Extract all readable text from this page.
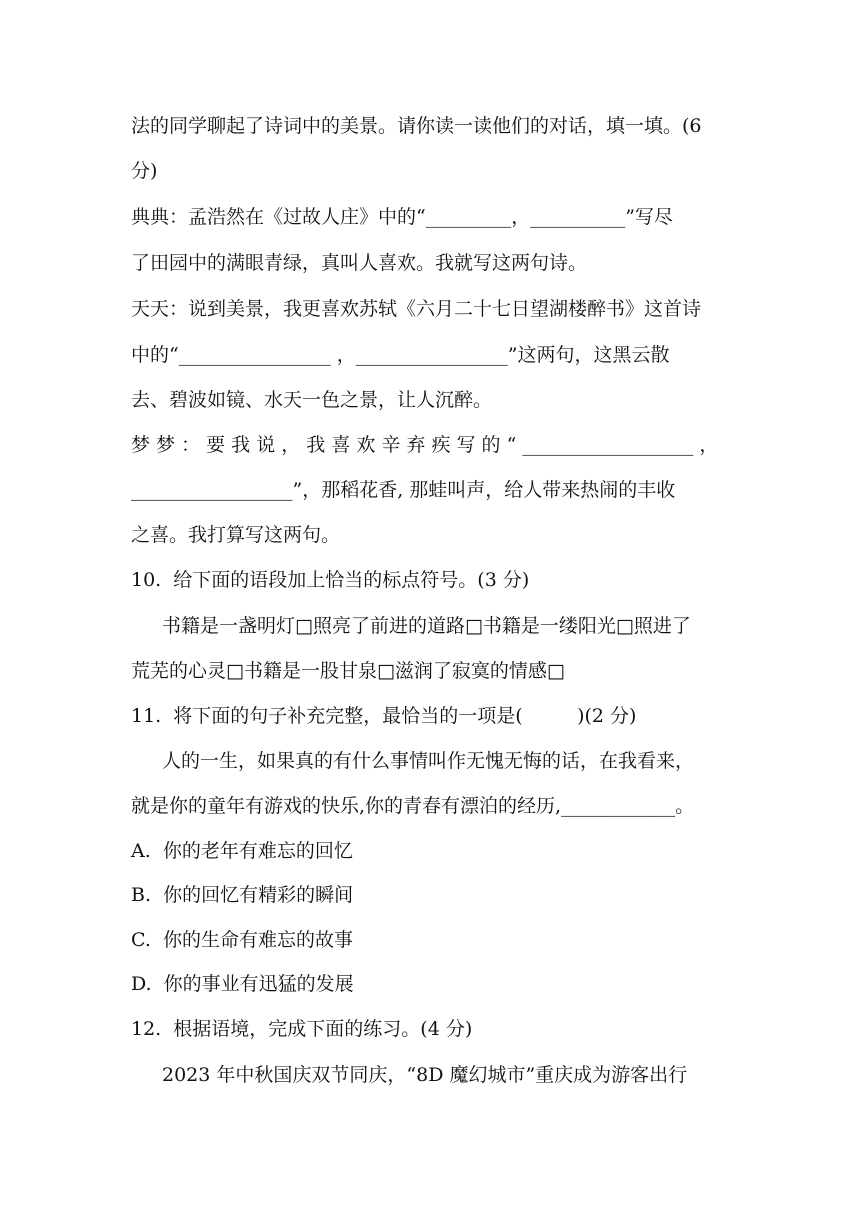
法的同学聊起了诗词中的美景。请你读一读他们的对话，填一填。(6
分)
典典：孟浩然在《过故人庄》中的“_________，__________”写尽
了田园中的满眼青绿，真叫人喜欢。我就写这两句诗。
天天：说到美景，我更喜欢苏轼《六月二十七日望湖楼醉书》这首诗
中的“________________ ，________________”这两句，这黑云散
去、碧波如镜、水天一色之景，让人沉醉。
梦 梦 ： 要 我 说 ， 我 喜 欢 辛 弃 疾 写 的 “ __________________ ，
_________________”，那稻花香, 那蛙叫声，给人带来热闹的丰收
之喜。我打算写这两句。
10.  给下面的语段加上恰当的标点符号。(3 分)
书籍是一盏明灯□照亮了前进的道路□书籍是一缕阳光□照进了
荒芜的心灵□书籍是一股甘泉□滋润了寂寞的情感□
11.  将下面的句子补充完整，最恰当的一项是(         )(2 分)
人的一生，如果真的有什么事情叫作无愧无悔的话，在我看来，
就是你的童年有游戏的快乐,你的青春有漂泊的经历,____________。
A.  你的老年有难忘的回忆
B.  你的回忆有精彩的瞬间
C.  你的生命有难忘的故事
D.  你的事业有迅猛的发展
12.  根据语境，完成下面的练习。(4 分)
2023 年中秋国庆双节同庆，“8D 魔幻城市”重庆成为游客出行
